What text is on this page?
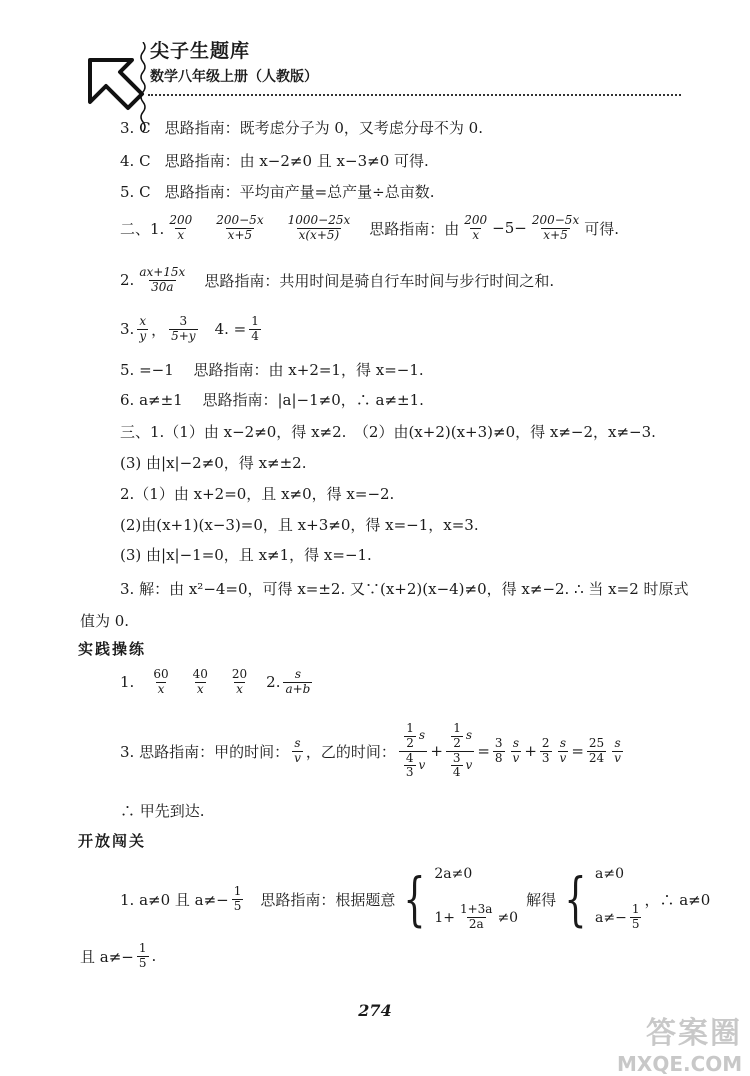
尖子生题库
数学八年级上册（人教版）
3. C 思路指南：既考虑分子为 0，又考虑分母不为 0.
4. C 思路指南：由 x−2≠0 且 x−3≠0 可得.
5. C 思路指南：平均亩产量=总产量÷总亩数.
二、1. $\frac{200}{x} \frac{200-5x}{x+5} \frac{1000-25x}{x(x+5)}$ 思路指南：由 $\frac{200}{x} -5- \frac{200-5x}{x+5}$ 可得.
2. $\frac{ax+15x}{30a}$ 思路指南：共用时间是骑自行车时间与步行时间之和.
3. $\frac{x}{y}$ ， $\frac{3}{5+y} 4$. = $\frac{1}{4}$
5. =−1 　思路指南：由 x+2=1，得 x=−1.
6. a≠±1 　思路指南：|a|−1≠0，∴ a≠±1.
三、1.（1）由 x−2≠0，得 x≠2.　（2）由(x+2)(x+3)≠0，得 x≠−2，x≠−3.
(3) 由|x|−2≠0，得 x≠±2.
2.（1）由 x+2=0，且 x≠0，得 x=−2.
(2)由(x+1)(x−3)=0，且 x+3≠0，得 x=−1，x=3.
(3) 由|x|−1=0，且 x≠1，得 x=−1.
3. 解：由 x²−4=0，可得 x=±2. 又∵(x+2)(x−4)≠0，得 x≠−2. ∴ 当 x=2 时原式
值为 0.
实践操练
1. $\frac{60}{x} \frac{40}{x} \frac{20}{x} 2$. $\frac{s}{a+b}$
3. 思路指南：甲的时间： $\frac{s}{v}$ ，乙的时间： $\frac{\frac{1}{2} s}{\frac{4}{3} v} + \frac{\frac{1}{2} s}{\frac{3}{4} v} = \frac{3}{8} \frac{s}{v} + \frac{2}{3} \frac{s}{v} = \frac{25}{24} \frac{s}{v}$
∴ 甲先到达.
开放闯关
1. a≠0 且 $a\ne- \frac{1}{5}$ 思路指南：根据题意 { 2a≠0
$1+ \frac{1+3a}{2a} \ne 0$
解得 { a≠0
$a\ne- \frac{1}{5}$
，∴ a≠0
且 $a\ne- \frac{1}{5}$ .
274
答案圈
MXQE.COM
